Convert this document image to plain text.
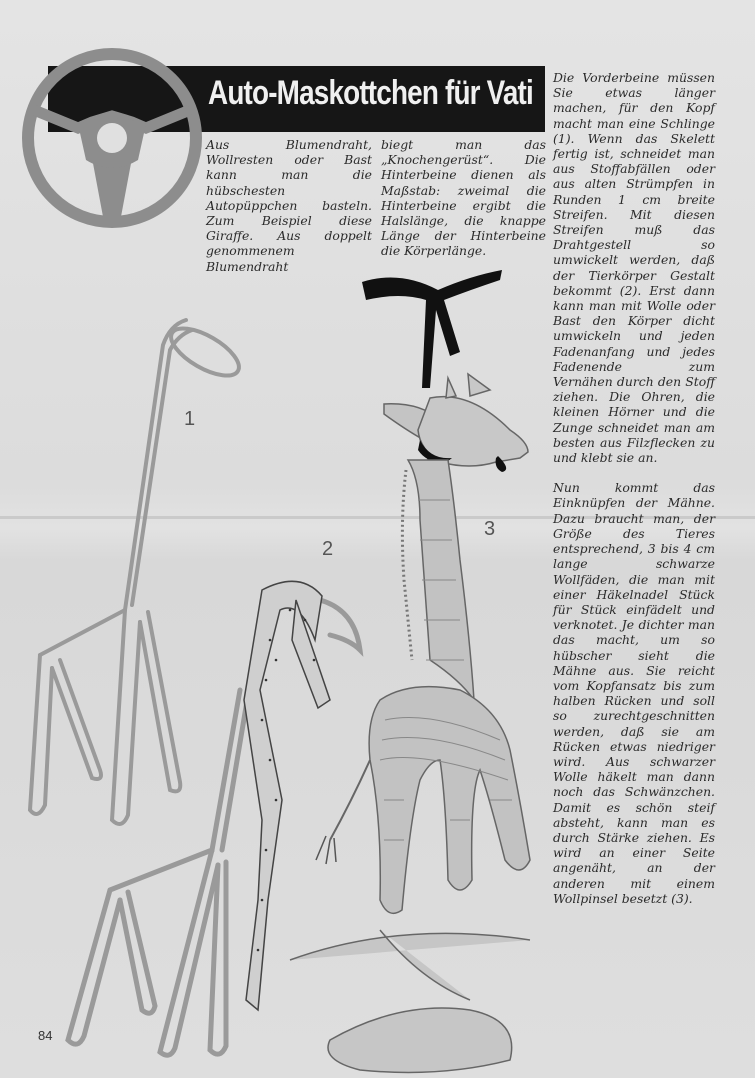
Auto-Maskottchen für Vati

Aus Blumendraht, Wollresten oder Bast kann man die hübschesten Autopüppchen basteln. Zum Beispiel diese Giraffe. Aus doppelt genommenem Blumendraht

biegt man das „Knochengerüst“. Die Hinterbeine dienen als Maßstab: zweimal die Hinterbeine ergibt die Halslänge, die knappe Länge der Hinterbeine die Körperlänge.

Die Vorderbeine müssen Sie etwas länger machen, für den Kopf macht man eine Schlinge (1). Wenn das Skelett fertig ist, schneidet man aus Stoffabfällen oder aus alten Strümpfen in Runden 1 cm breite Streifen. Mit diesen Streifen muß das Drahtgestell so umwickelt werden, daß der Tierkörper Gestalt bekommt (2). Erst dann kann man mit Wolle oder Bast den Körper dicht umwickeln und jeden Fadenanfang und jedes Fadenende zum Vernähen durch den Stoff ziehen. Die Ohren, die kleinen Hörner und die Zunge schneidet man am besten aus Filzflecken zu und klebt sie an.

Nun kommt das Einknüpfen der Mähne. Dazu braucht man, der Größe des Tieres entsprechend, 3 bis 4 cm lange schwarze Wollfäden, die man mit einer Häkelnadel Stück für Stück einfädelt und verknotet. Je dichter man das macht, um so hübscher sieht die Mähne aus. Sie reicht vom Kopfansatz bis zum halben Rücken und soll so zurechtgeschnitten werden, daß sie am Rücken etwas niedriger wird. Aus schwarzer Wolle häkelt man dann noch das Schwänzchen. Damit es schön steif absteht, kann man es durch Stärke ziehen. Es wird an einer Seite angenäht, an der anderen mit einem Wollpinsel besetzt (3).

1
2
3
84
